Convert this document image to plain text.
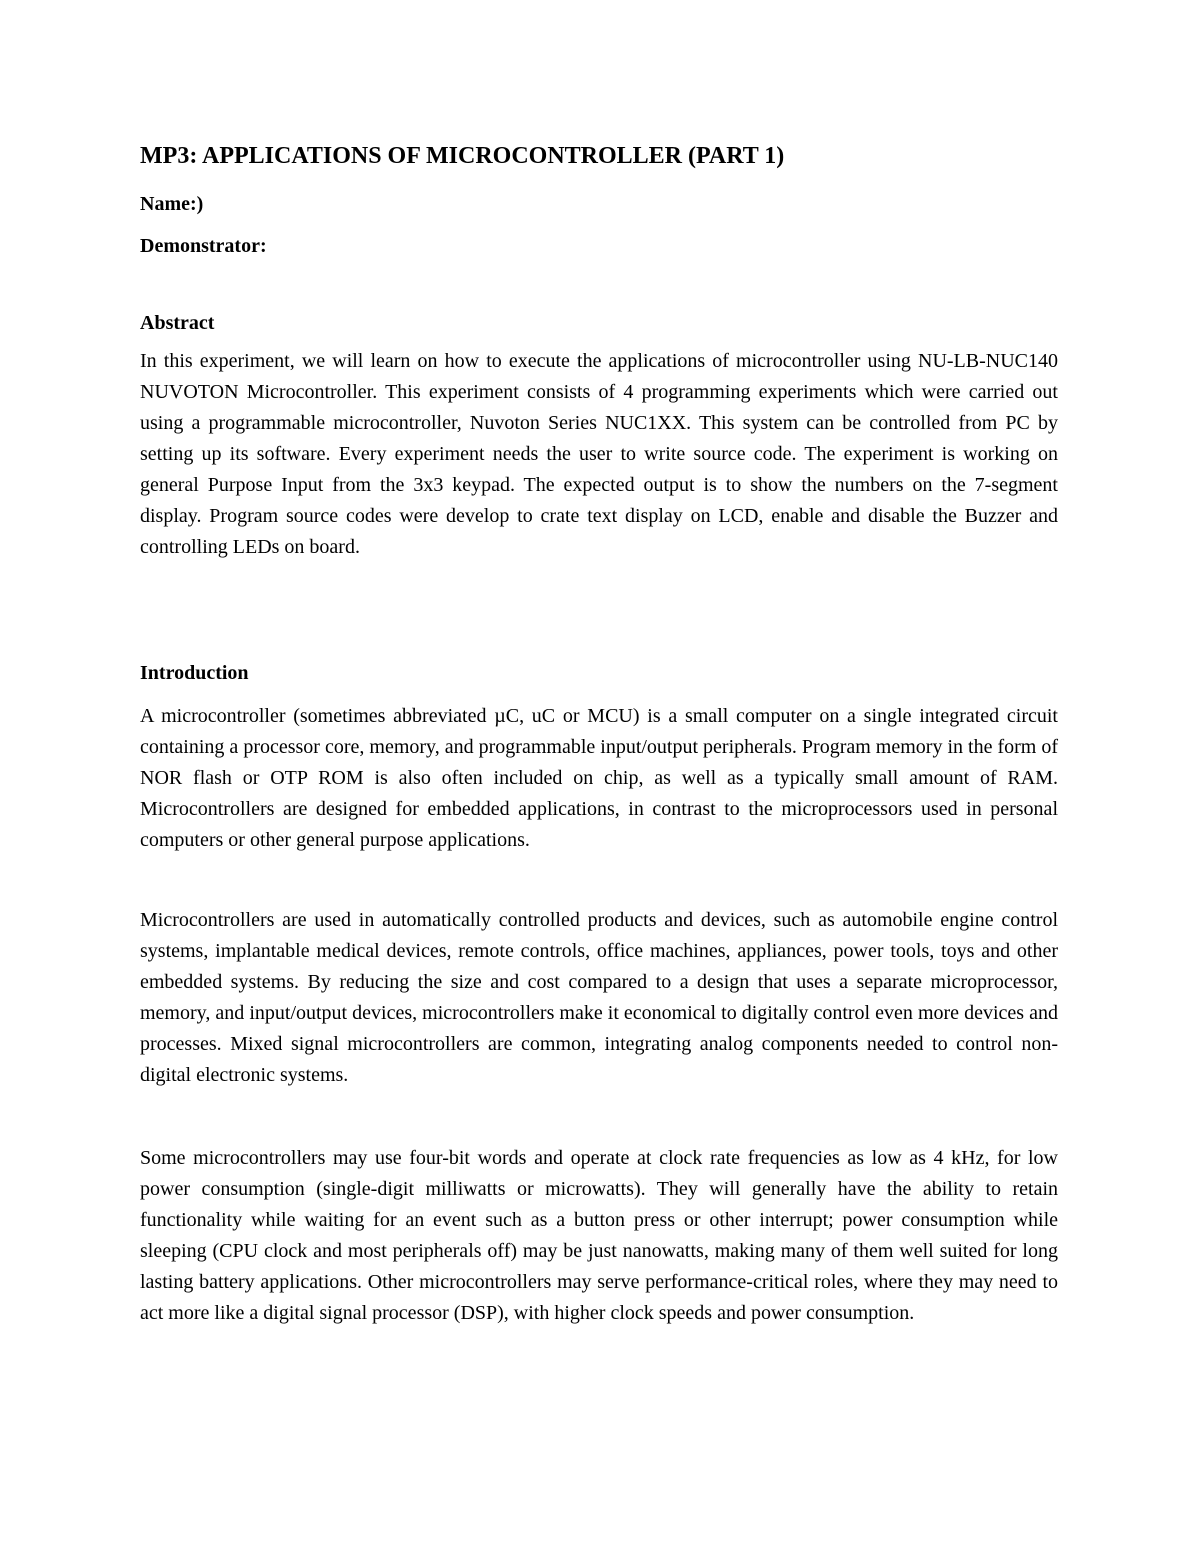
MP3: APPLICATIONS OF MICROCONTROLLER (PART 1)

Name:)

Demonstrator:

Abstract

In this experiment, we will learn on how to execute the applications of microcontroller using NU-LB-NUC140 NUVOTON Microcontroller. This experiment consists of 4 programming experiments which were carried out using a programmable microcontroller, Nuvoton Series NUC1XX. This system can be controlled from PC by setting up its software. Every experiment needs the user to write source code. The experiment is working on general Purpose Input from the 3x3 keypad. The expected output is to show the numbers on the 7-segment display. Program source codes were develop to crate text display on LCD, enable and disable the Buzzer and controlling LEDs on board.

Introduction

A microcontroller (sometimes abbreviated µC, uC or MCU) is a small computer on a single integrated circuit containing a processor core, memory, and programmable input/output peripherals. Program memory in the form of NOR flash or OTP ROM is also often included on chip, as well as a typically small amount of RAM. Microcontrollers are designed for embedded applications, in contrast to the microprocessors used in personal computers or other general purpose applications.

Microcontrollers are used in automatically controlled products and devices, such as automobile engine control systems, implantable medical devices, remote controls, office machines, appliances, power tools, toys and other embedded systems. By reducing the size and cost compared to a design that uses a separate microprocessor, memory, and input/output devices, microcontrollers make it economical to digitally control even more devices and processes. Mixed signal microcontrollers are common, integrating analog components needed to control non-digital electronic systems.

Some microcontrollers may use four-bit words and operate at clock rate frequencies as low as 4 kHz, for low power consumption (single-digit milliwatts or microwatts). They will generally have the ability to retain functionality while waiting for an event such as a button press or other interrupt; power consumption while sleeping (CPU clock and most peripherals off) may be just nanowatts, making many of them well suited for long lasting battery applications. Other microcontrollers may serve performance-critical roles, where they may need to act more like a digital signal processor (DSP), with higher clock speeds and power consumption.
